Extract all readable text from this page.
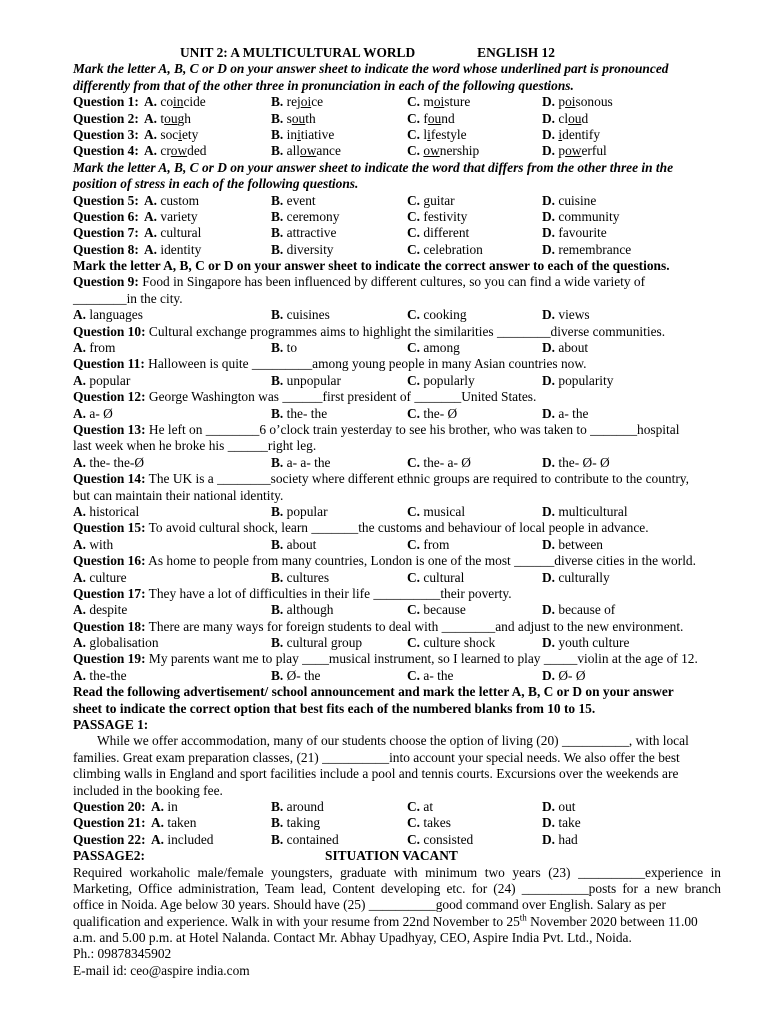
UNIT 2: A MULTICULTURAL WORLD	ENGLISH 12
Mark the letter A, B, C or D on your answer sheet to indicate the word whose underlined part is pronounced
differently from that of the other three in pronunciation in each of the following questions.
Question 1: A. coincide	B. rejoice	C. moisture	D. poisonous
Question 2: A. tough	B. south	C. found	D. cloud
Question 3: A. society	B. initiative	C. lifestyle	D. identify
Question 4: A. crowded	B. allowance	C. ownership	D. powerful
Mark the letter A, B, C or D on your answer sheet to indicate the word that differs from the other three in the
position of stress in each of the following questions.
Question 5: A. custom	B. event	C. guitar	D. cuisine
Question 6: A. variety	B. ceremony	C. festivity	D. community
Question 7: A. cultural	B. attractive	C. different	D. favourite
Question 8: A. identity	B. diversity	C. celebration	D. remembrance
Mark the letter A, B, C or D on your answer sheet to indicate the correct answer to each of the questions.
Question 9: Food in Singapore has been influenced by different cultures, so you can find a wide variety of
________in the city.
A. languages	B. cuisines	C. cooking	D. views
Question 10: Cultural exchange programmes aims to highlight the similarities ________diverse communities.
A. from	B. to	C. among	D. about
Question 11: Halloween is quite _________among young people in many Asian countries now.
A. popular	B. unpopular	C. popularly	D. popularity
Question 12: George Washington was ______first president of _______United States.
A. a- Ø	B. the- the	C. the- Ø	D. a- the
Question 13: He left on ________6 o’clock train yesterday to see his brother, who was taken to _______hospital
last week when he broke his ______right leg.
A. the- the-Ø	B. a- a- the	C. the- a- Ø	D. the- Ø- Ø
Question 14: The UK is a ________society where different ethnic groups are required to contribute to the country,
but can maintain their national identity.
A. historical	B. popular	C. musical	D. multicultural
Question 15: To avoid cultural shock, learn _______the customs and behaviour of local people in advance.
A. with	B. about	C. from	D. between
Question 16: As home to people from many countries, London is one of the most ______diverse cities in the world.
A. culture	B. cultures	C. cultural	D. culturally
Question 17: They have a lot of difficulties in their life __________their poverty.
A. despite	B. although	C. because	D. because of
Question 18: There are many ways for foreign students to deal with ________and adjust to the new environment.
A. globalisation	B. cultural group	C. culture shock	D. youth culture
Question 19: My parents want me to play ____musical instrument, so I learned to play _____violin at the age of 12.
A. the-the	B. Ø- the	C. a- the	D. Ø- Ø
Read the following advertisement/ school announcement and mark the letter A, B, C or D on your answer
sheet to indicate the correct option that best fits each of the numbered blanks from 10 to 15.
PASSAGE 1:
While we offer accommodation, many of our students choose the option of living (20) __________, with local
families. Great exam preparation classes, (21) __________into account your special needs. We also offer the best
climbing walls in England and sport facilities include a pool and tennis courts. Excursions over the weekends are
included in the booking fee.
Question 20: A. in	B. around	C. at	D. out
Question 21: A. taken	B. taking	C. takes	D. take
Question 22: A. included	B. contained	C. consisted	D. had
PASSAGE2:	SITUATION VACANT
Required workaholic male/female youngsters, graduate with minimum two years (23) __________experience in
Marketing, Office administration, Team lead, Content developing etc. for (24) __________posts for a new branch
office in Noida. Age below 30 years. Should have (25) __________good command over English. Salary as per
qualification and experience. Walk in with your resume from 22nd November to 25th November 2020 between 11.00
a.m. and 5.00 p.m. at Hotel Nalanda. Contact Mr. Abhay Upadhyay, CEO, Aspire India Pvt. Ltd., Noida.
Ph.: 09878345902
E-mail id: ceo@aspire india.com
